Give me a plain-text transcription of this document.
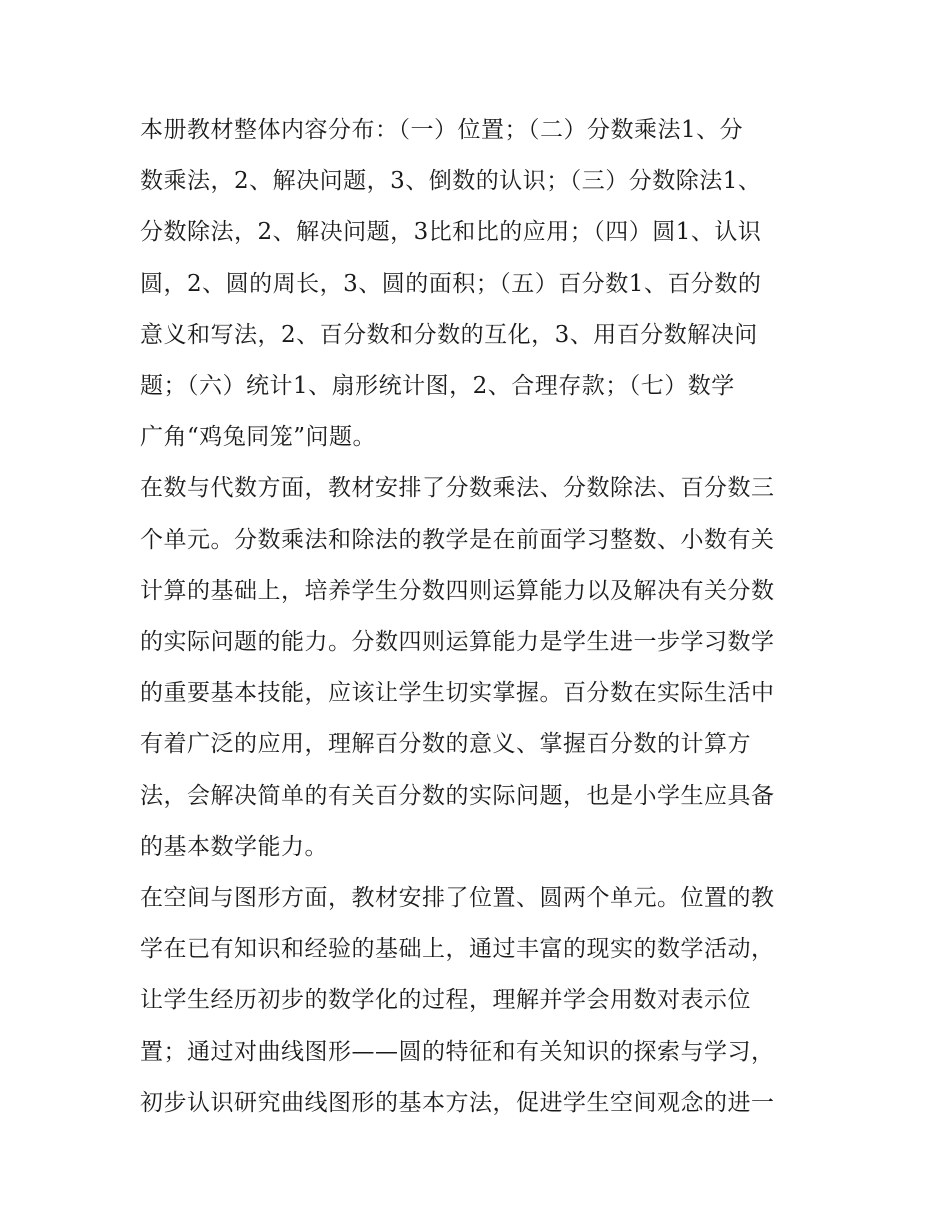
本册教材整体内容分布：（一）位置；（二）分数乘法1、分
数乘法，2、解决问题，3、倒数的认识；（三）分数除法1、
分数除法，2、解决问题，3比和比的应用；（四）圆1、认识
圆，2、圆的周长，3、圆的面积；（五）百分数1、百分数的
意义和写法，2、百分数和分数的互化，3、用百分数解决问
题；（六）统计1、扇形统计图，2、合理存款；（七）数学
广角“鸡兔同笼”问题。

在数与代数方面，教材安排了分数乘法、分数除法、百分数三
个单元。分数乘法和除法的教学是在前面学习整数、小数有关
计算的基础上，培养学生分数四则运算能力以及解决有关分数
的实际问题的能力。分数四则运算能力是学生进一步学习数学
的重要基本技能，应该让学生切实掌握。百分数在实际生活中
有着广泛的应用，理解百分数的意义、掌握百分数的计算方
法，会解决简单的有关百分数的实际问题，也是小学生应具备
的基本数学能力。

在空间与图形方面，教材安排了位置、圆两个单元。位置的教
学在已有知识和经验的基础上，通过丰富的现实的数学活动，
让学生经历初步的数学化的过程，理解并学会用数对表示位
置；通过对曲线图形——圆的特征和有关知识的探索与学习，
初步认识研究曲线图形的基本方法，促进学生空间观念的进一
